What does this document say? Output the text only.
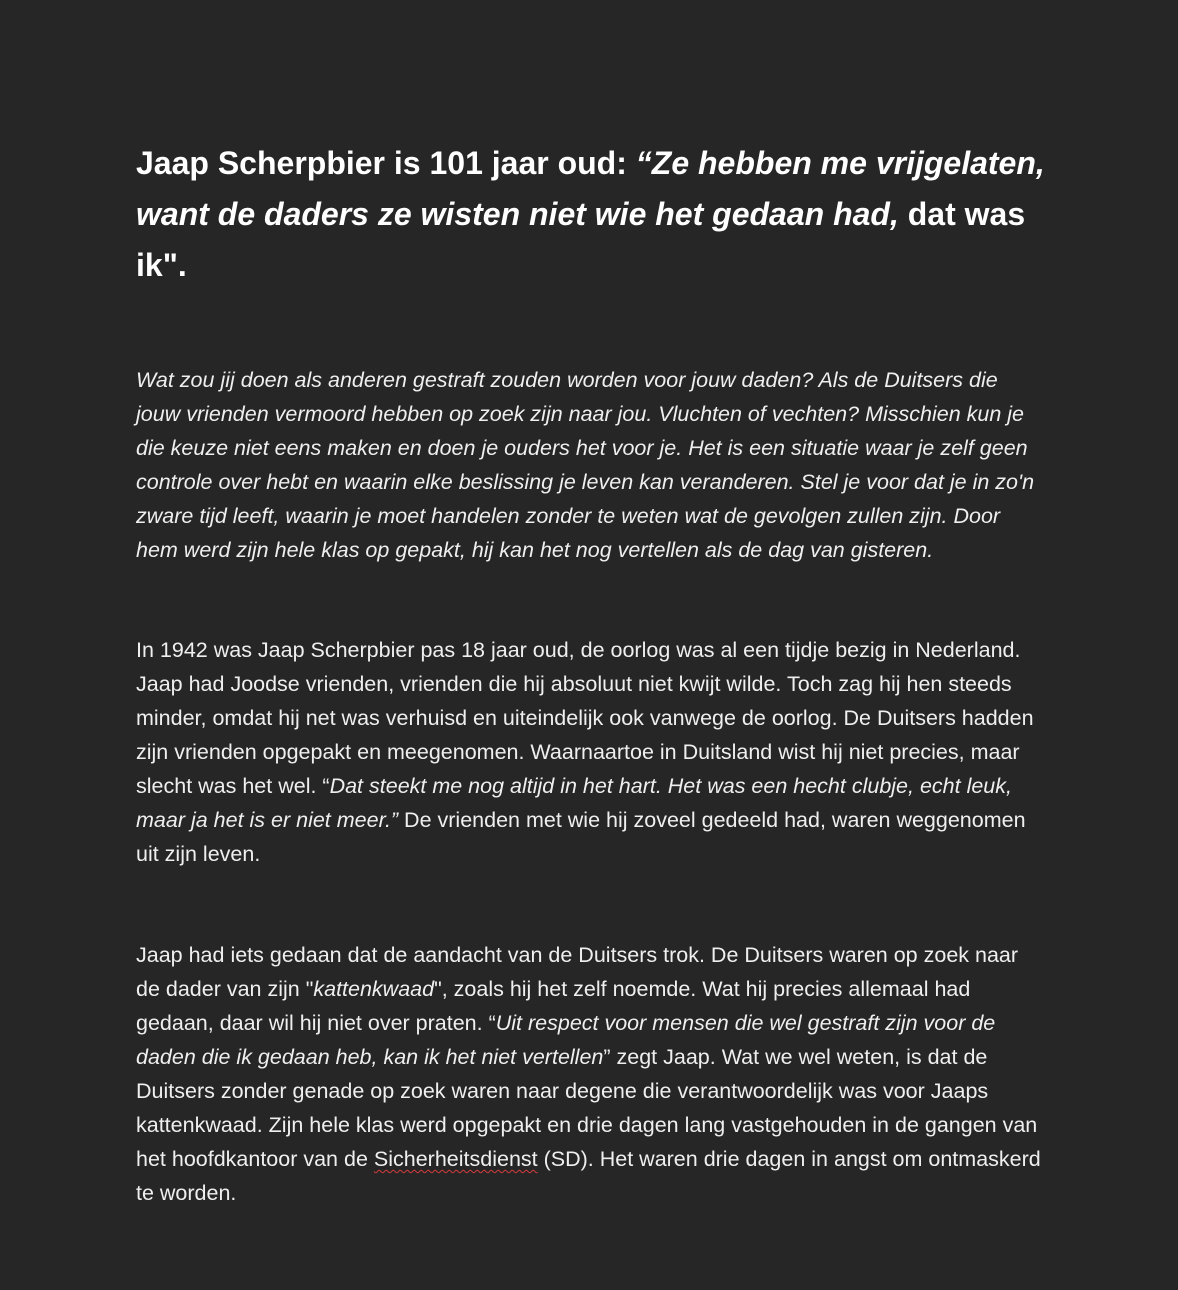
Jaap Scherpbier is 101 jaar oud: “Ze hebben me vrijgelaten, want de daders ze wisten niet wie het gedaan had, dat was ik".

Wat zou jij doen als anderen gestraft zouden worden voor jouw daden? Als de Duitsers die jouw vrienden vermoord hebben op zoek zijn naar jou. Vluchten of vechten? Misschien kun je die keuze niet eens maken en doen je ouders het voor je. Het is een situatie waar je zelf geen controle over hebt en waarin elke beslissing je leven kan veranderen. Stel je voor dat je in zo'n zware tijd leeft, waarin je moet handelen zonder te weten wat de gevolgen zullen zijn. Door hem werd zijn hele klas op gepakt, hij kan het nog vertellen als de dag van gisteren.

In 1942 was Jaap Scherpbier pas 18 jaar oud, de oorlog was al een tijdje bezig in Nederland. Jaap had Joodse vrienden, vrienden die hij absoluut niet kwijt wilde. Toch zag hij hen steeds minder, omdat hij net was verhuisd en uiteindelijk ook vanwege de oorlog. De Duitsers hadden zijn vrienden opgepakt en meegenomen. Waarnaartoe in Duitsland wist hij niet precies, maar slecht was het wel. “Dat steekt me nog altijd in het hart. Het was een hecht clubje, echt leuk, maar ja het is er niet meer.” De vrienden met wie hij zoveel gedeeld had, waren weggenomen uit zijn leven.

Jaap had iets gedaan dat de aandacht van de Duitsers trok. De Duitsers waren op zoek naar de dader van zijn "kattenkwaad", zoals hij het zelf noemde. Wat hij precies allemaal had gedaan, daar wil hij niet over praten. “Uit respect voor mensen die wel gestraft zijn voor de daden die ik gedaan heb, kan ik het niet vertellen” zegt Jaap. Wat we wel weten, is dat de Duitsers zonder genade op zoek waren naar degene die verantwoordelijk was voor Jaaps kattenkwaad. Zijn hele klas werd opgepakt en drie dagen lang vastgehouden in de gangen van het hoofdkantoor van de Sicherheitsdienst (SD). Het waren drie dagen in angst om ontmaskerd te worden.
